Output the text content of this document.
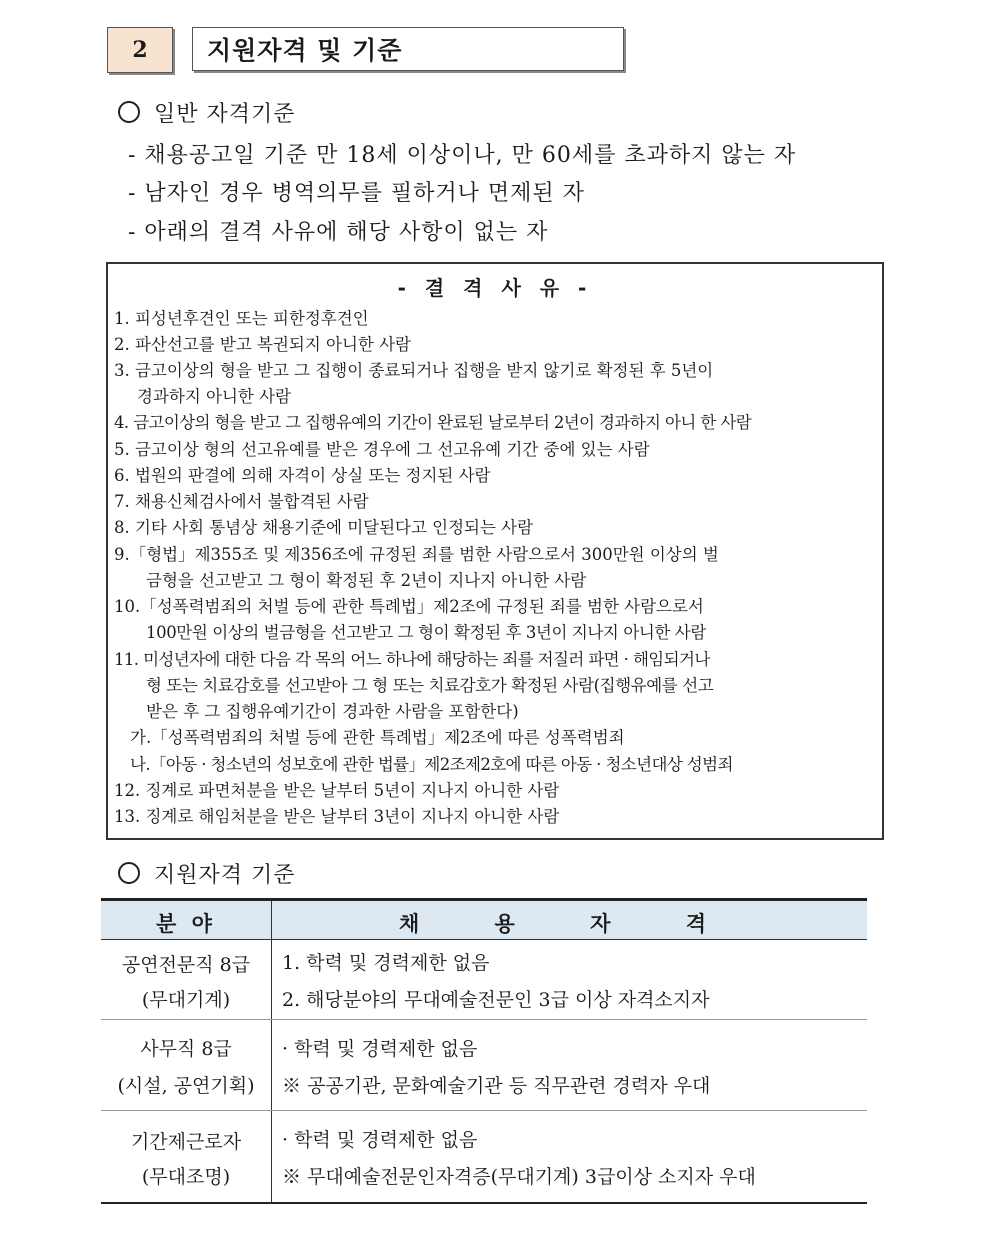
2	지원자격 및 기준
일반 자격기준
- 채용공고일 기준 만 18세 이상이나, 만 60세를 초과하지 않는 자
- 남자인 경우 병역의무를 필하거나 면제된 자
- 아래의 결격 사유에 해당 사항이 없는 자
- 결 격 사 유 -
1. 피성년후견인 또는 피한정후견인
2. 파산선고를 받고 복권되지 아니한 사람
3. 금고이상의 형을 받고 그 집행이 종료되거나 집행을 받지 않기로 확정된 후 5년이
경과하지 아니한 사람
4. 금고이상의 형을 받고 그 집행유예의 기간이 완료된 날로부터 2년이 경과하지 아니 한 사람
5. 금고이상 형의 선고유예를 받은 경우에 그 선고유예 기간 중에 있는 사람
6. 법원의 판결에 의해 자격이 상실 또는 정지된 사람
7. 채용신체검사에서 불합격된 사람
8. 기타 사회 통념상 채용기준에 미달된다고 인정되는 사람
9.「형법」제355조 및 제356조에 규정된 죄를 범한 사람으로서 300만원 이상의 벌
금형을 선고받고 그 형이 확정된 후 2년이 지나지 아니한 사람
10.「성폭력범죄의 처벌 등에 관한 특례법」제2조에 규정된 죄를 범한 사람으로서
100만원 이상의 벌금형을 선고받고 그 형이 확정된 후 3년이 지나지 아니한 사람
11. 미성년자에 대한 다음 각 목의 어느 하나에 해당하는 죄를 저질러 파면 · 해임되거나
형 또는 치료감호를 선고받아 그 형 또는 치료감호가 확정된 사람(집행유예를 선고
받은 후 그 집행유예기간이 경과한 사람을 포함한다)
가.「성폭력범죄의 처벌 등에 관한 특례법」제2조에 따른 성폭력범죄
나.「아동 · 청소년의 성보호에 관한 법률」제2조제2호에 따른 아동 · 청소년대상 성범죄
12. 징계로 파면처분을 받은 날부터 5년이 지나지 아니한 사람
13. 징계로 해임처분을 받은 날부터 3년이 지나지 아니한 사람
지원자격 기준
분 야	채 용 자 격
공연전문직 8급
(무대기계)
1. 학력 및 경력제한 없음
2. 해당분야의 무대예술전문인 3급 이상 자격소지자
사무직 8급
(시설, 공연기획)
· 학력 및 경력제한 없음
※ 공공기관, 문화예술기관 등 직무관련 경력자 우대
기간제근로자
(무대조명)
· 학력 및 경력제한 없음
※ 무대예술전문인자격증(무대기계) 3급이상 소지자 우대
